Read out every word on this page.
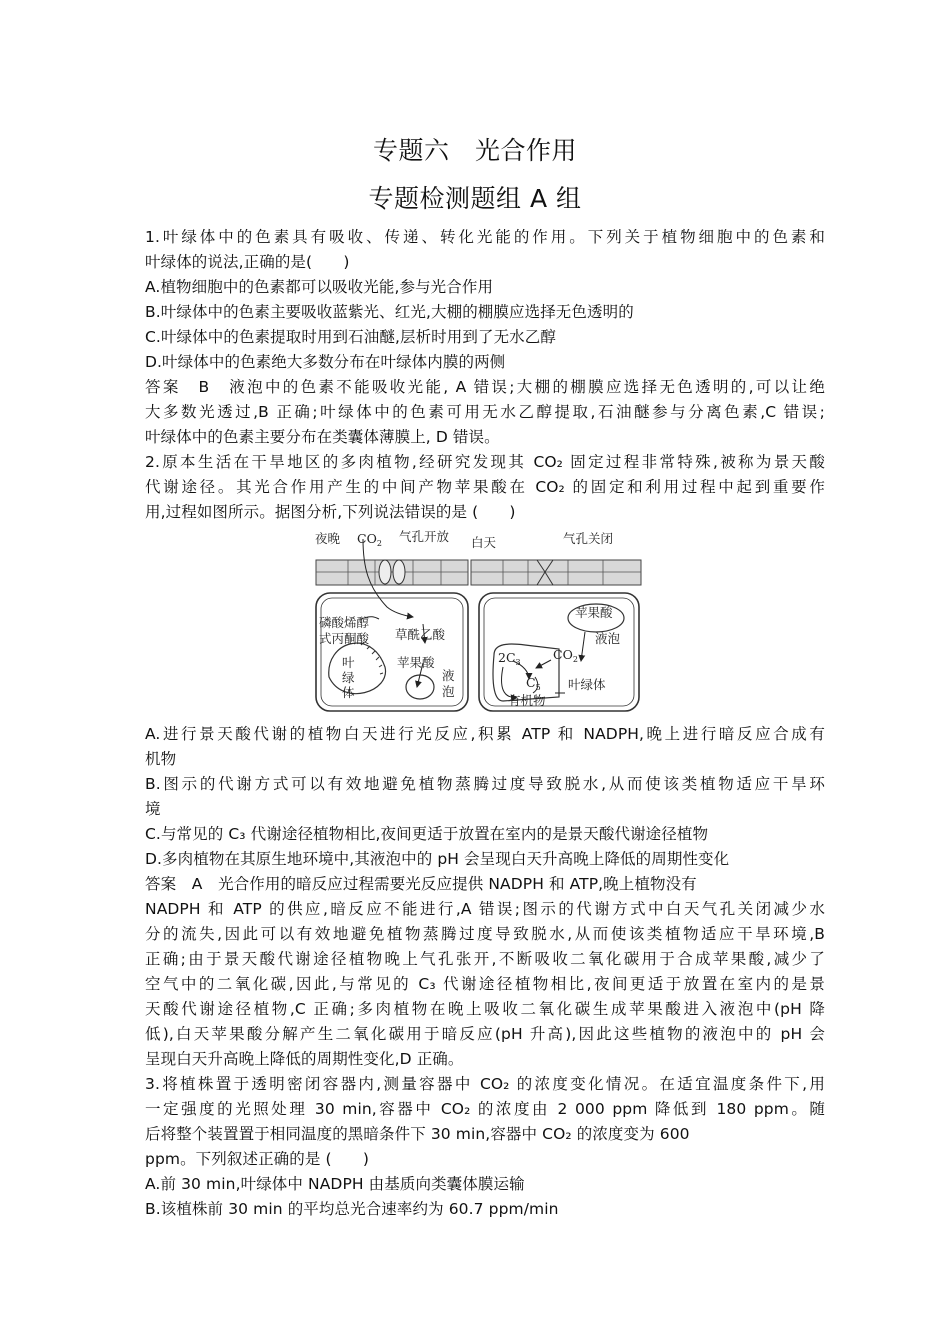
专题六　光合作用
专题检测题组 A 组
1.叶绿体中的色素具有吸收、传递、转化光能的作用。下列关于植物细胞中的色素和
叶绿体的说法,正确的是(　　)
A.植物细胞中的色素都可以吸收光能,参与光合作用
B.叶绿体中的色素主要吸收蓝紫光、红光,大棚的棚膜应选择无色透明的
C.叶绿体中的色素提取时用到石油醚,层析时用到了无水乙醇
D.叶绿体中的色素绝大多数分布在叶绿体内膜的两侧
答案　B　液泡中的色素不能吸收光能, A 错误;大棚的棚膜应选择无色透明的,可以让绝
大多数光透过,B 正确;叶绿体中的色素可用无水乙醇提取,石油醚参与分离色素,C 错误;
叶绿体中的色素主要分布在类囊体薄膜上, D 错误。
2.原本生活在干旱地区的多肉植物,经研究发现其 CO₂ 固定过程非常特殊,被称为景天酸
代谢途径。其光合作用产生的中间产物苹果酸在 CO₂ 的固定和利用过程中起到重要作
用,过程如图所示。据图分析,下列说法错误的是 (　　)
夜晚 $CO_2$ 气孔开放 白天	气孔关闭
磷酸烯醇
式丙酮酸 草酰乙酸
苹果酸
液
泡
叶
绿
体
苹果酸
液泡
$2C_3$
$C_5$
$CO_2$
叶绿体
有机物
A.进行景天酸代谢的植物白天进行光反应,积累 ATP 和 NADPH,晚上进行暗反应合成有
机物
B.图示的代谢方式可以有效地避免植物蒸腾过度导致脱水,从而使该类植物适应干旱环
境
C.与常见的 C₃ 代谢途径植物相比,夜间更适于放置在室内的是景天酸代谢途径植物
D.多肉植物在其原生地环境中,其液泡中的 pH 会呈现白天升高晚上降低的周期性变化
答案　A　光合作用的暗反应过程需要光反应提供 NADPH 和 ATP,晚上植物没有
NADPH 和 ATP 的供应,暗反应不能进行,A 错误;图示的代谢方式中白天气孔关闭减少水
分的流失,因此可以有效地避免植物蒸腾过度导致脱水,从而使该类植物适应干旱环境,B
正确;由于景天酸代谢途径植物晚上气孔张开,不断吸收二氧化碳用于合成苹果酸,减少了
空气中的二氧化碳,因此,与常见的 C₃ 代谢途径植物相比,夜间更适于放置在室内的是景
天酸代谢途径植物,C 正确;多肉植物在晚上吸收二氧化碳生成苹果酸进入液泡中(pH 降
低),白天苹果酸分解产生二氧化碳用于暗反应(pH 升高),因此这些植物的液泡中的 pH 会
呈现白天升高晚上降低的周期性变化,D 正确。
3.将植株置于透明密闭容器内,测量容器中 CO₂ 的浓度变化情况。在适宜温度条件下,用
一定强度的光照处理 30 min,容器中 CO₂ 的浓度由 2 000 ppm 降低到 180 ppm。随
后将整个装置置于相同温度的黑暗条件下 30 min,容器中 CO₂ 的浓度变为 600
ppm。下列叙述正确的是 (　　)
A.前 30 min,叶绿体中 NADPH 由基质向类囊体膜运输
B.该植株前 30 min 的平均总光合速率约为 60.7 ppm/min
